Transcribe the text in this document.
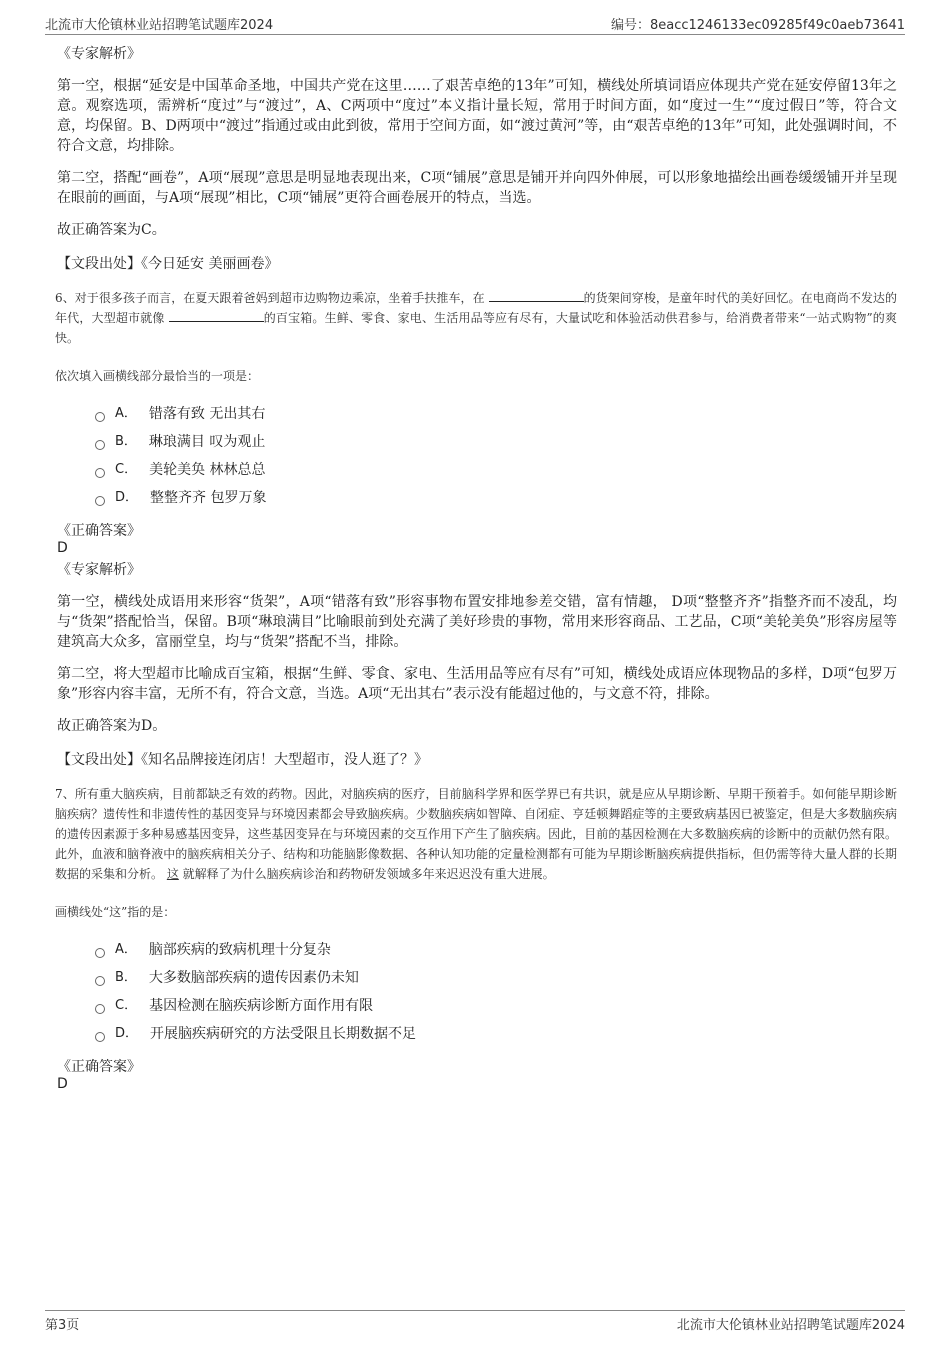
北流市大伦镇林业站招聘笔试题库2024	编号：8eacc1246133ec09285f49c0aeb73641

《专家解析》

第一空，根据“延安是中国革命圣地，中国共产党在这里……了艰苦卓绝的13年”可知，横线处所填词语应体现共产党在延安停留13年之意。观察选项，需辨析“度过”与“渡过”，A、C两项中“度过”本义指计量长短，常用于时间方面，如“度过一生”“度过假日”等，符合文意，均保留。B、D两项中“渡过”指通过或由此到彼，常用于空间方面，如“渡过黄河”等，由“艰苦卓绝的13年”可知，此处强调时间，不符合文意，均排除。

第二空，搭配“画卷”，A项“展现”意思是明显地表现出来，C项“铺展”意思是铺开并向四外伸展，可以形象地描绘出画卷缓缓铺开并呈现在眼前的画面，与A项“展现”相比，C项“铺展”更符合画卷展开的特点，当选。

故正确答案为C。

【文段出处】《今日延安 美丽画卷》

6、对于很多孩子而言，在夏天跟着爸妈到超市边购物边乘凉，坐着手扶推车，在	的货架间穿梭，是童年时代的美好回忆。在电商尚不发达的年代，大型超市就像	的百宝箱。生鲜、零食、家电、生活用品等应有尽有，大量试吃和体验活动供君参与，给消费者带来“一站式购物”的爽快。

依次填入画横线部分最恰当的一项是：

A． 错落有致 无出其右
B． 琳琅满目 叹为观止
C． 美轮美奂 林林总总
D． 整整齐齐 包罗万象

《正确答案》

D

《专家解析》

第一空，横线处成语用来形容“货架”，A项“错落有致”形容事物布置安排地参差交错，富有情趣， D项“整整齐齐”指整齐而不凌乱，均与“货架”搭配恰当，保留。B项“琳琅满目”比喻眼前到处充满了美好珍贵的事物，常用来形容商品、工艺品，C项“美轮美奂”形容房屋等建筑高大众多，富丽堂皇，均与“货架”搭配不当，排除。

第二空，将大型超市比喻成百宝箱，根据“生鲜、零食、家电、生活用品等应有尽有”可知，横线处成语应体现物品的多样，D项“包罗万象”形容内容丰富，无所不有，符合文意，当选。A项“无出其右”表示没有能超过他的，与文意不符，排除。

故正确答案为D。

【文段出处】《知名品牌接连闭店！大型超市，没人逛了？》

7、所有重大脑疾病，目前都缺乏有效的药物。因此，对脑疾病的医疗，目前脑科学界和医学界已有共识，就是应从早期诊断、早期干预着手。如何能早期诊断脑疾病？遗传性和非遗传性的基因变异与环境因素都会导致脑疾病。少数脑疾病如智障、自闭症、亨廷顿舞蹈症等的主要致病基因已被鉴定，但是大多数脑疾病的遗传因素源于多种易感基因变异，这些基因变异在与环境因素的交互作用下产生了脑疾病。因此，目前的基因检测在大多数脑疾病的诊断中的贡献仍然有限。此外，血液和脑脊液中的脑疾病相关分子、结构和功能脑影像数据、各种认知功能的定量检测都有可能为早期诊断脑疾病提供指标，但仍需等待大量人群的长期数据的采集和分析。 这 就解释了为什么脑疾病诊治和药物研发领域多年来迟迟没有重大进展。

画横线处“这”指的是：

A． 脑部疾病的致病机理十分复杂
B． 大多数脑部疾病的遗传因素仍未知
C． 基因检测在脑疾病诊断方面作用有限
D． 开展脑疾病研究的方法受限且长期数据不足

《正确答案》

D

第3页	北流市大伦镇林业站招聘笔试题库2024
